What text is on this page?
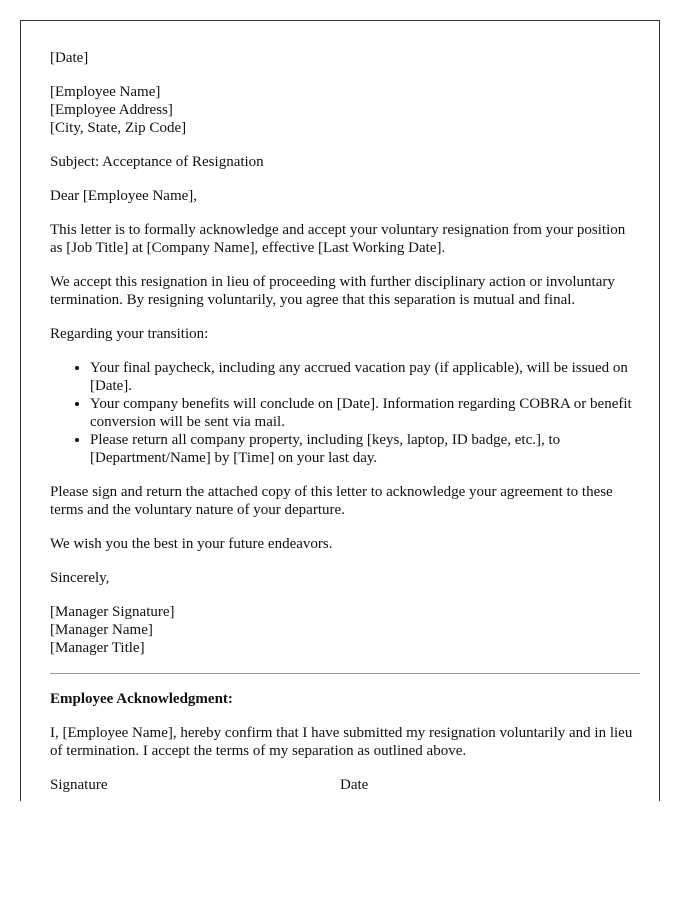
[Date]
[Employee Name]
[Employee Address]
[City, State, Zip Code]
Subject: Acceptance of Resignation
Dear [Employee Name],
This letter is to formally acknowledge and accept your voluntary resignation from your position as [Job Title] at [Company Name], effective [Last Working Date].
We accept this resignation in lieu of proceeding with further disciplinary action or involuntary termination. By resigning voluntarily, you agree that this separation is mutual and final.
Regarding your transition:
• Your final paycheck, including any accrued vacation pay (if applicable), will be issued on [Date].
• Your company benefits will conclude on [Date]. Information regarding COBRA or benefit conversion will be sent via mail.
• Please return all company property, including [keys, laptop, ID badge, etc.], to [Department/Name] by [Time] on your last day.
Please sign and return the attached copy of this letter to acknowledge your agreement to these terms and the voluntary nature of your departure.
We wish you the best in your future endeavors.
Sincerely,
[Manager Signature]
[Manager Name]
[Manager Title]
Employee Acknowledgment:
I, [Employee Name], hereby confirm that I have submitted my resignation voluntarily and in lieu of termination. I accept the terms of my separation as outlined above.
Signature	Date
